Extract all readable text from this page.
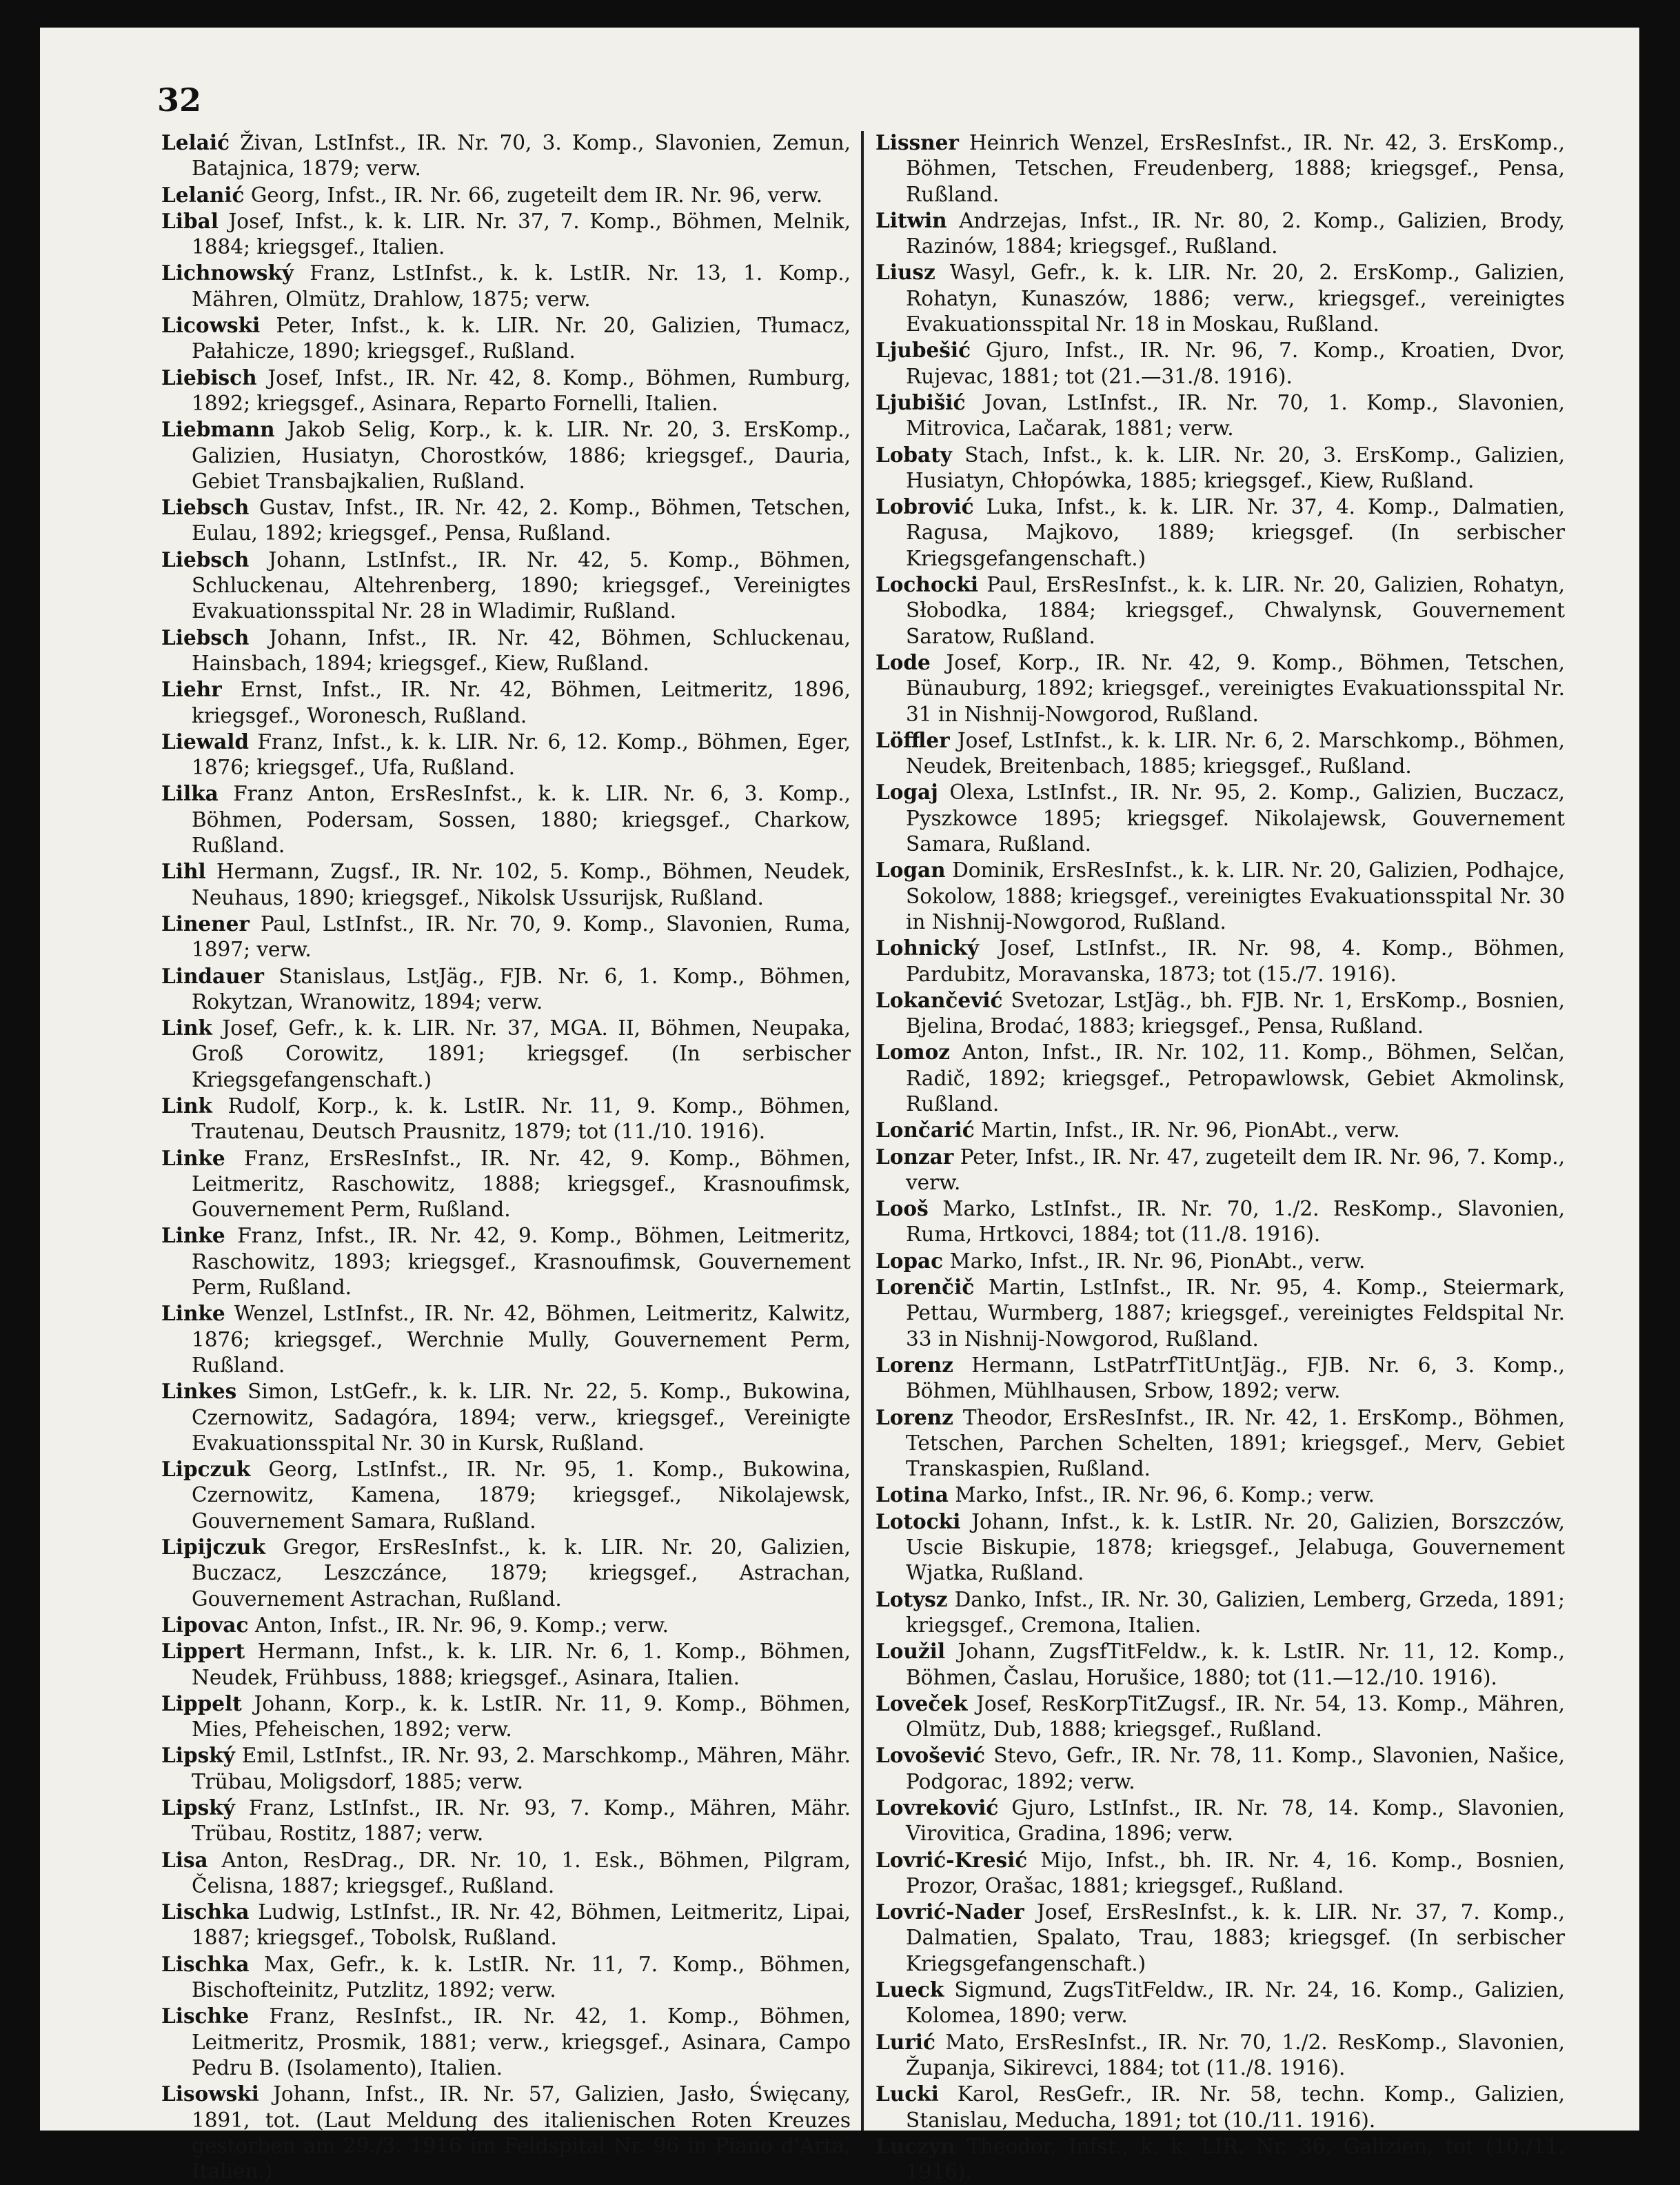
32

Lelaić Živan, LstInfst., IR. Nr. 70, 3. Komp., Slavonien, Zemun, Batajnica, 1879; verw.

Lelanić Georg, Infst., IR. Nr. 66, zugeteilt dem IR. Nr. 96, verw.

Libal Josef, Infst., k. k. LIR. Nr. 37, 7. Komp., Böhmen, Melnik, 1884; kriegsgef., Italien.

Lichnowský Franz, LstInfst., k. k. LstIR. Nr. 13, 1. Komp., Mähren, Olmütz, Drahlow, 1875; verw.

Licowski Peter, Infst., k. k. LIR. Nr. 20, Galizien, Tłumacz, Pałahicze, 1890; kriegsgef., Rußland.

Liebisch Josef, Infst., IR. Nr. 42, 8. Komp., Böhmen, Rumburg, 1892; kriegsgef., Asinara, Reparto Fornelli, Italien.

Liebmann Jakob Selig, Korp., k. k. LIR. Nr. 20, 3. ErsKomp., Galizien, Husiatyn, Chorostków, 1886; kriegsgef., Dauria, Gebiet Transbajkalien, Rußland.

Liebsch Gustav, Infst., IR. Nr. 42, 2. Komp., Böhmen, Tetschen, Eulau, 1892; kriegsgef., Pensa, Rußland.

Liebsch Johann, LstInfst., IR. Nr. 42, 5. Komp., Böhmen, Schluckenau, Altehrenberg, 1890; kriegsgef., Vereinigtes Evakuationsspital Nr. 28 in Wladimir, Rußland.

Liebsch Johann, Infst., IR. Nr. 42, Böhmen, Schluckenau, Hainsbach, 1894; kriegsgef., Kiew, Rußland.

Liehr Ernst, Infst., IR. Nr. 42, Böhmen, Leitmeritz, 1896, kriegsgef., Woronesch, Rußland.

Liewald Franz, Infst., k. k. LIR. Nr. 6, 12. Komp., Böhmen, Eger, 1876; kriegsgef., Ufa, Rußland.

Lilka Franz Anton, ErsResInfst., k. k. LIR. Nr. 6, 3. Komp., Böhmen, Podersam, Sossen, 1880; kriegsgef., Charkow, Rußland.

Lihl Hermann, Zugsf., IR. Nr. 102, 5. Komp., Böhmen, Neudek, Neuhaus, 1890; kriegsgef., Nikolsk Ussurijsk, Rußland.

Linener Paul, LstInfst., IR. Nr. 70, 9. Komp., Slavonien, Ruma, 1897; verw.

Lindauer Stanislaus, LstJäg., FJB. Nr. 6, 1. Komp., Böhmen, Rokytzan, Wranowitz, 1894; verw.

Link Josef, Gefr., k. k. LIR. Nr. 37, MGA. II, Böhmen, Neupaka, Groß Corowitz, 1891; kriegsgef. (In serbischer Kriegsgefangenschaft.)

Link Rudolf, Korp., k. k. LstIR. Nr. 11, 9. Komp., Böhmen, Trautenau, Deutsch Prausnitz, 1879; tot (11./10. 1916).

Linke Franz, ErsResInfst., IR. Nr. 42, 9. Komp., Böhmen, Leitmeritz, Raschowitz, 1888; kriegsgef., Krasnoufimsk, Gouvernement Perm, Rußland.

Linke Franz, Infst., IR. Nr. 42, 9. Komp., Böhmen, Leitmeritz, Raschowitz, 1893; kriegsgef., Krasnoufimsk, Gouvernement Perm, Rußland.

Linke Wenzel, LstInfst., IR. Nr. 42, Böhmen, Leitmeritz, Kalwitz, 1876; kriegsgef., Werchnie Mully, Gouvernement Perm, Rußland.

Linkes Simon, LstGefr., k. k. LIR. Nr. 22, 5. Komp., Bukowina, Czernowitz, Sadagóra, 1894; verw., kriegsgef., Vereinigte Evakuationsspital Nr. 30 in Kursk, Rußland.

Lipczuk Georg, LstInfst., IR. Nr. 95, 1. Komp., Bukowina, Czernowitz, Kamena, 1879; kriegsgef., Nikolajewsk, Gouvernement Samara, Rußland.

Lipijczuk Gregor, ErsResInfst., k. k. LIR. Nr. 20, Galizien, Buczacz, Leszczánce, 1879; kriegsgef., Astrachan, Gouvernement Astrachan, Rußland.

Lipovac Anton, Infst., IR. Nr. 96, 9. Komp.; verw.

Lippert Hermann, Infst., k. k. LIR. Nr. 6, 1. Komp., Böhmen, Neudek, Frühbuss, 1888; kriegsgef., Asinara, Italien.

Lippelt Johann, Korp., k. k. LstIR. Nr. 11, 9. Komp., Böhmen, Mies, Pfeheischen, 1892; verw.

Lipský Emil, LstInfst., IR. Nr. 93, 2. Marschkomp., Mähren, Mähr. Trübau, Moligsdorf, 1885; verw.

Lipský Franz, LstInfst., IR. Nr. 93, 7. Komp., Mähren, Mähr. Trübau, Rostitz, 1887; verw.

Lisa Anton, ResDrag., DR. Nr. 10, 1. Esk., Böhmen, Pilgram, Čelisna, 1887; kriegsgef., Rußland.

Lischka Ludwig, LstInfst., IR. Nr. 42, Böhmen, Leitmeritz, Lipai, 1887; kriegsgef., Tobolsk, Rußland.

Lischka Max, Gefr., k. k. LstIR. Nr. 11, 7. Komp., Böhmen, Bischofteinitz, Putzlitz, 1892; verw.

Lischke Franz, ResInfst., IR. Nr. 42, 1. Komp., Böhmen, Leitmeritz, Prosmik, 1881; verw., kriegsgef., Asinara, Campo Pedru B. (Isolamento), Italien.

Lisowski Johann, Infst., IR. Nr. 57, Galizien, Jasło, Święcany, 1891, tot. (Laut Meldung des italienischen Roten Kreuzes gestorben am 29./3. 1916 im Feldspital Nr. 96 in Piano d'Arta, Italien.)

Lissner Heinrich Wenzel, ErsResInfst., IR. Nr. 42, 3. ErsKomp., Böhmen, Tetschen, Freudenberg, 1888; kriegsgef., Pensa, Rußland.

Litwin Andrzejas, Infst., IR. Nr. 80, 2. Komp., Galizien, Brody, Razinów, 1884; kriegsgef., Rußland.

Liusz Wasyl, Gefr., k. k. LIR. Nr. 20, 2. ErsKomp., Galizien, Rohatyn, Kunaszów, 1886; verw., kriegsgef., vereinigtes Evakuationsspital Nr. 18 in Moskau, Rußland.

Ljubešić Gjuro, Infst., IR. Nr. 96, 7. Komp., Kroatien, Dvor, Rujevac, 1881; tot (21.—31./8. 1916).

Ljubišić Jovan, LstInfst., IR. Nr. 70, 1. Komp., Slavonien, Mitrovica, Lačarak, 1881; verw.

Lobaty Stach, Infst., k. k. LIR. Nr. 20, 3. ErsKomp., Galizien, Husiatyn, Chłopówka, 1885; kriegsgef., Kiew, Rußland.

Lobrović Luka, Infst., k. k. LIR. Nr. 37, 4. Komp., Dalmatien, Ragusa, Majkovo, 1889; kriegsgef. (In serbischer Kriegsgefangenschaft.)

Lochocki Paul, ErsResInfst., k. k. LIR. Nr. 20, Galizien, Rohatyn, Słobodka, 1884; kriegsgef., Chwalynsk, Gouvernement Saratow, Rußland.

Lode Josef, Korp., IR. Nr. 42, 9. Komp., Böhmen, Tetschen, Bünauburg, 1892; kriegsgef., vereinigtes Evakuationsspital Nr. 31 in Nishnij-Nowgorod, Rußland.

Löffler Josef, LstInfst., k. k. LIR. Nr. 6, 2. Marschkomp., Böhmen, Neudek, Breitenbach, 1885; kriegsgef., Rußland.

Logaj Olexa, LstInfst., IR. Nr. 95, 2. Komp., Galizien, Buczacz, Pyszkowce 1895; kriegsgef. Nikolajewsk, Gouvernement Samara, Rußland.

Logan Dominik, ErsResInfst., k. k. LIR. Nr. 20, Galizien, Podhajce, Sokolow, 1888; kriegsgef., vereinigtes Evakuationsspital Nr. 30 in Nishnij-Nowgorod, Rußland.

Lohnický Josef, LstInfst., IR. Nr. 98, 4. Komp., Böhmen, Pardubitz, Moravanska, 1873; tot (15./7. 1916).

Lokančević Svetozar, LstJäg., bh. FJB. Nr. 1, ErsKomp., Bosnien, Bjelina, Brodać, 1883; kriegsgef., Pensa, Rußland.

Lomoz Anton, Infst., IR. Nr. 102, 11. Komp., Böhmen, Selčan, Radič, 1892; kriegsgef., Petropawlowsk, Gebiet Akmolinsk, Rußland.

Lončarić Martin, Infst., IR. Nr. 96, PionAbt., verw.

Lonzar Peter, Infst., IR. Nr. 47, zugeteilt dem IR. Nr. 96, 7. Komp., verw.

Looš Marko, LstInfst., IR. Nr. 70, 1./2. ResKomp., Slavonien, Ruma, Hrtkovci, 1884; tot (11./8. 1916).

Lopac Marko, Infst., IR. Nr. 96, PionAbt., verw.

Lorenčič Martin, LstInfst., IR. Nr. 95, 4. Komp., Steiermark, Pettau, Wurmberg, 1887; kriegsgef., vereinigtes Feldspital Nr. 33 in Nishnij-Nowgorod, Rußland.

Lorenz Hermann, LstPatrfTitUntJäg., FJB. Nr. 6, 3. Komp., Böhmen, Mühlhausen, Srbow, 1892; verw.

Lorenz Theodor, ErsResInfst., IR. Nr. 42, 1. ErsKomp., Böhmen, Tetschen, Parchen Schelten, 1891; kriegsgef., Merv, Gebiet Transkaspien, Rußland.

Lotina Marko, Infst., IR. Nr. 96, 6. Komp.; verw.

Lotocki Johann, Infst., k. k. LstIR. Nr. 20, Galizien, Borszczów, Uscie Biskupie, 1878; kriegsgef., Jelabuga, Gouvernement Wjatka, Rußland.

Lotysz Danko, Infst., IR. Nr. 30, Galizien, Lemberg, Grzeda, 1891; kriegsgef., Cremona, Italien.

Loužil Johann, ZugsfTitFeldw., k. k. LstIR. Nr. 11, 12. Komp., Böhmen, Časlau, Horušice, 1880; tot (11.—12./10. 1916).

Loveček Josef, ResKorpTitZugsf., IR. Nr. 54, 13. Komp., Mähren, Olmütz, Dub, 1888; kriegsgef., Rußland.

Lovošević Stevo, Gefr., IR. Nr. 78, 11. Komp., Slavonien, Našice, Podgorac, 1892; verw.

Lovreković Gjuro, LstInfst., IR. Nr. 78, 14. Komp., Slavonien, Virovitica, Gradina, 1896; verw.

Lovrić-Kresić Mijo, Infst., bh. IR. Nr. 4, 16. Komp., Bosnien, Prozor, Orašac, 1881; kriegsgef., Rußland.

Lovrić-Nader Josef, ErsResInfst., k. k. LIR. Nr. 37, 7. Komp., Dalmatien, Spalato, Trau, 1883; kriegsgef. (In serbischer Kriegsgefangenschaft.)

Lueck Sigmund, ZugsTitFeldw., IR. Nr. 24, 16. Komp., Galizien, Kolomea, 1890; verw.

Lurić Mato, ErsResInfst., IR. Nr. 70, 1./2. ResKomp., Slavonien, Županja, Sikirevci, 1884; tot (11./8. 1916).

Lucki Karol, ResGefr., IR. Nr. 58, techn. Komp., Galizien, Stanislau, Meducha, 1891; tot (10./11. 1916).

Luczyn Theodor, Infst., k. k. LIR. Nr. 36, Galizien, tot (10./11. 1916).
